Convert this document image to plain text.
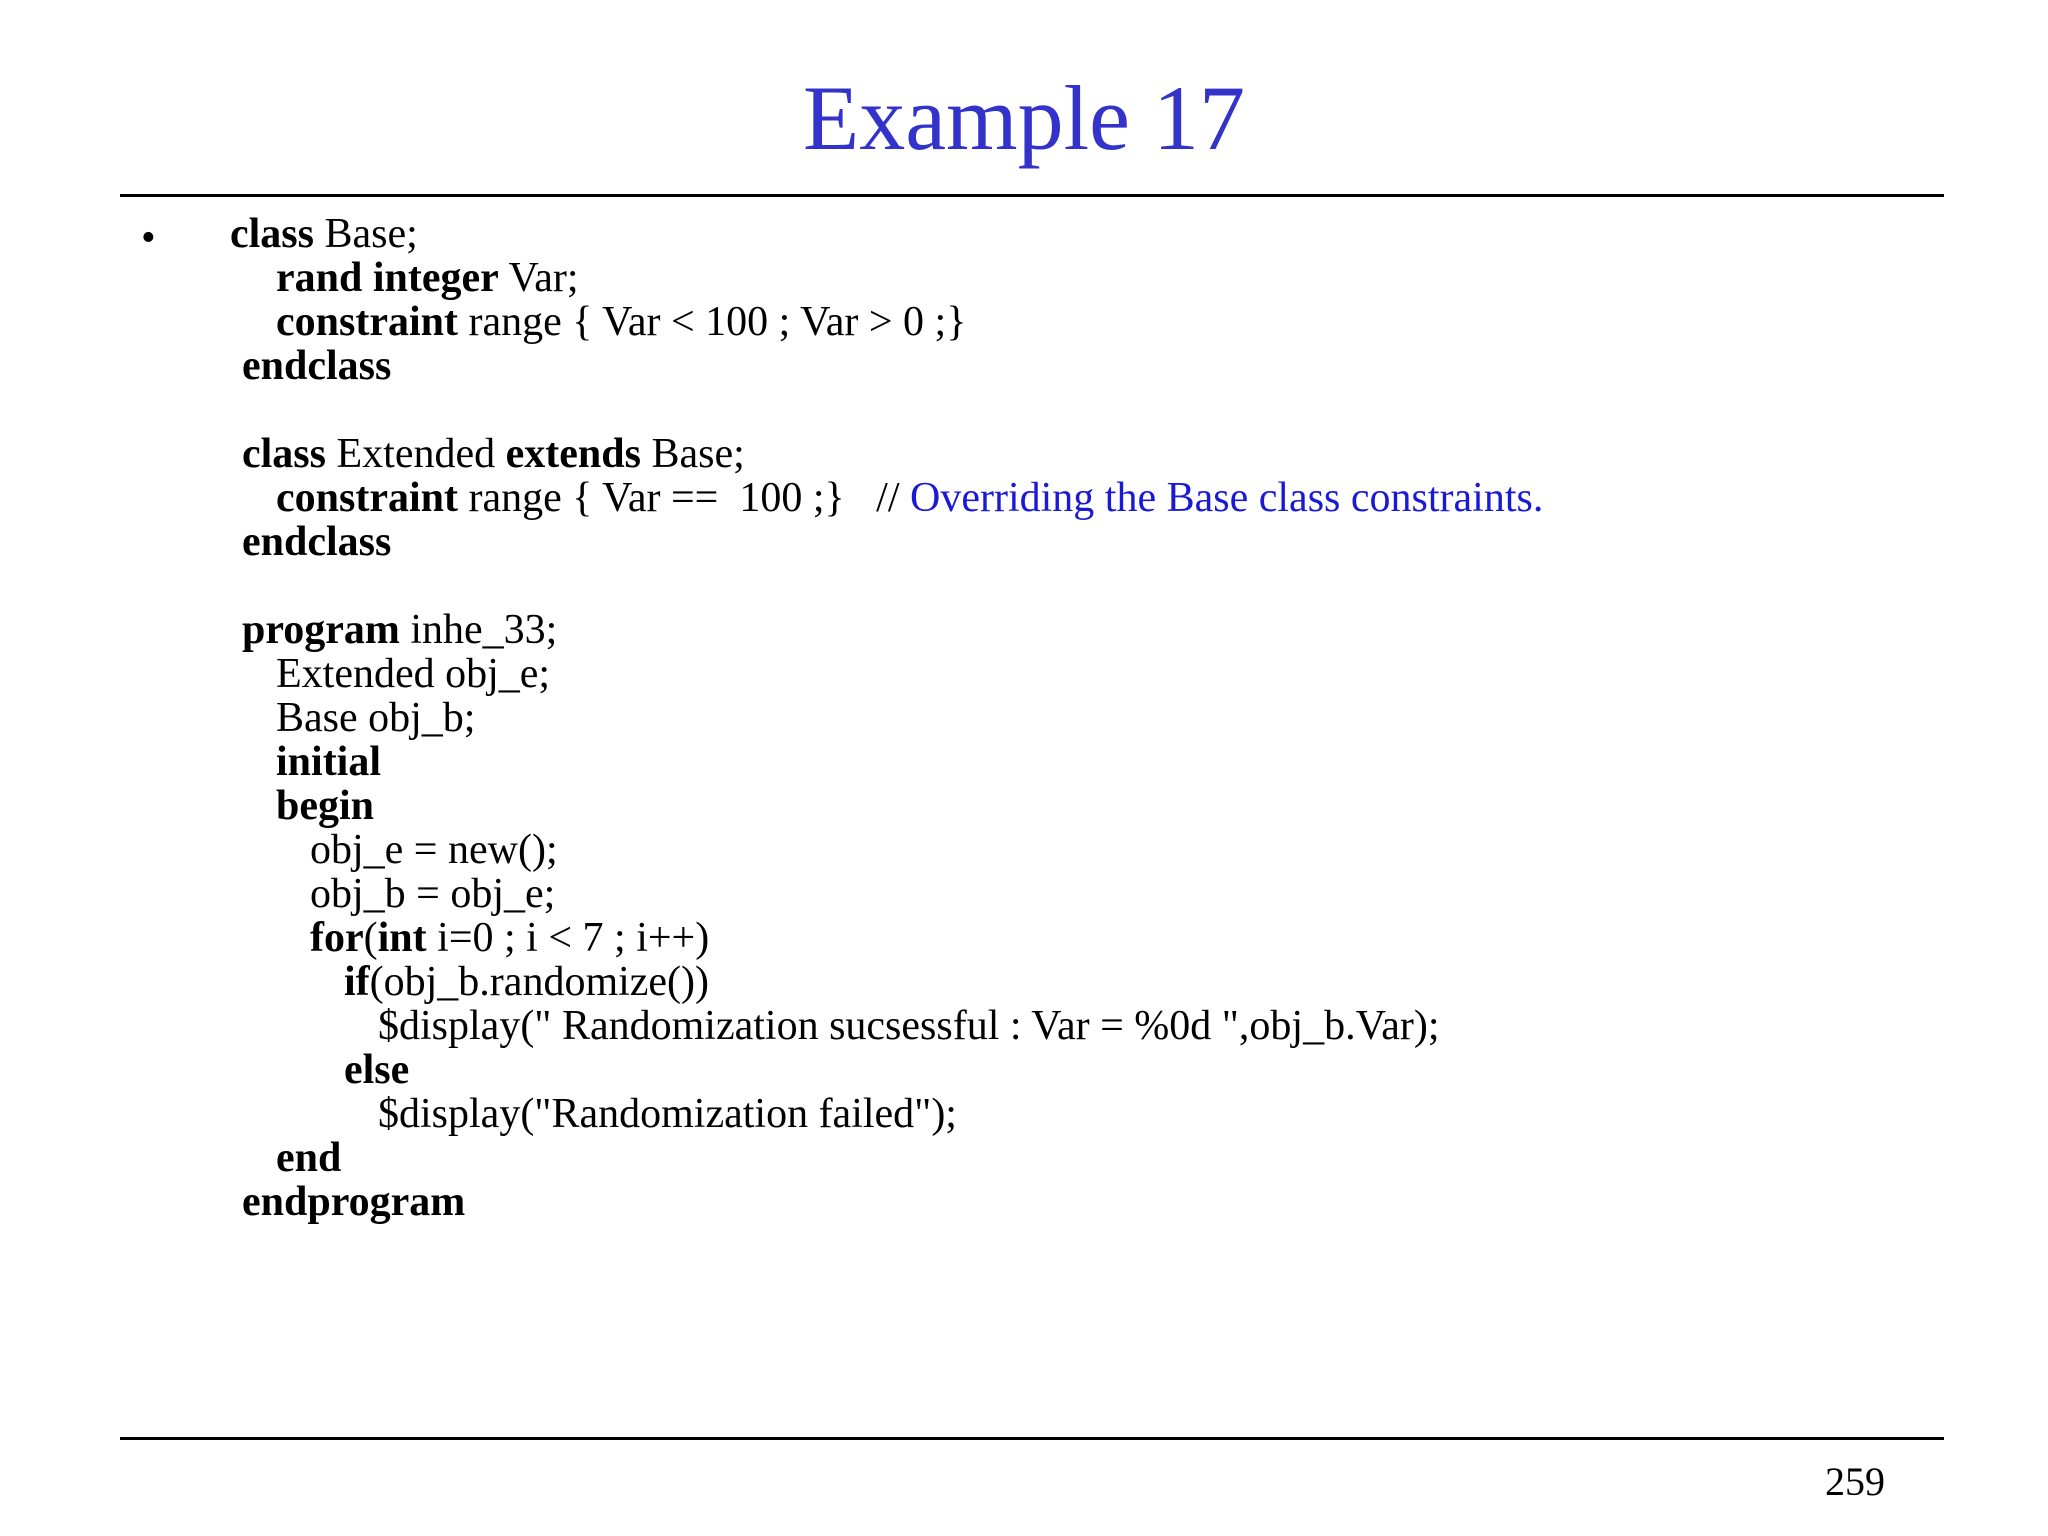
Example 17
•

class Base;

rand integer Var;

constraint range { Var < 100 ; Var > 0 ;}

endclass

class Extended extends Base;

constraint range { Var ==  100 ;}   // Overriding the Base class constraints.

endclass

program inhe_33;

Extended obj_e;

Base obj_b;

initial

begin

obj_e = new();

obj_b = obj_e;

for(int i=0 ; i < 7 ; i++)

if(obj_b.randomize())

$display(" Randomization sucsessful : Var = %0d ",obj_b.Var);

else

$display("Randomization failed");

end

endprogram

259
